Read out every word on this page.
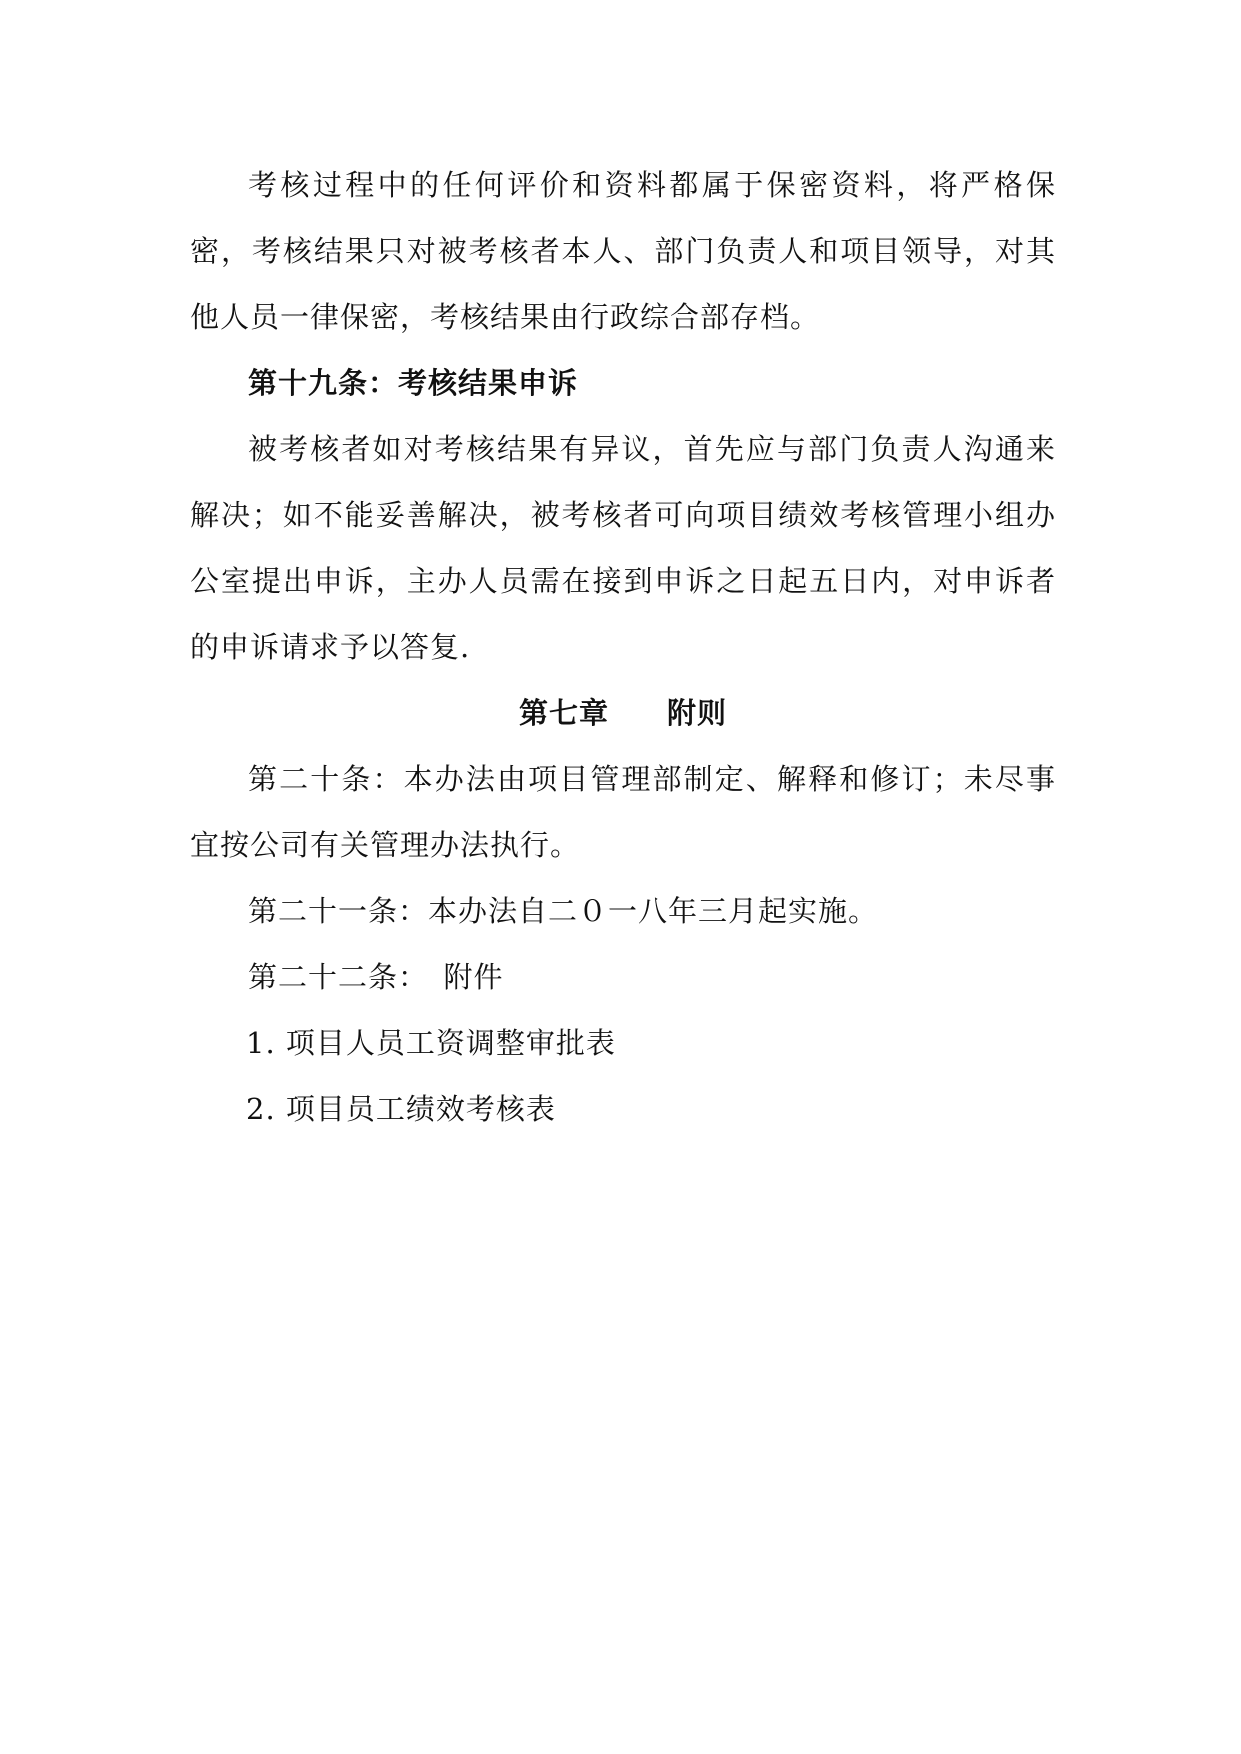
考核过程中的任何评价和资料都属于保密资料，将严格保密，考核结果只对被考核者本人、部门负责人和项目领导，对其他人员一律保密，考核结果由行政综合部存档。

第十九条：考核结果申诉

被考核者如对考核结果有异议，首先应与部门负责人沟通来解决；如不能妥善解决，被考核者可向项目绩效考核管理小组办公室提出申诉，主办人员需在接到申诉之日起五日内，对申诉者的申诉请求予以答复.

第七章 附则

第二十条：本办法由项目管理部制定、解释和修订；未尽事宜按公司有关管理办法执行。

第二十一条：本办法自二０一八年三月起实施。

第二十二条：　附件

1. 项目人员工资调整审批表

2. 项目员工绩效考核表
